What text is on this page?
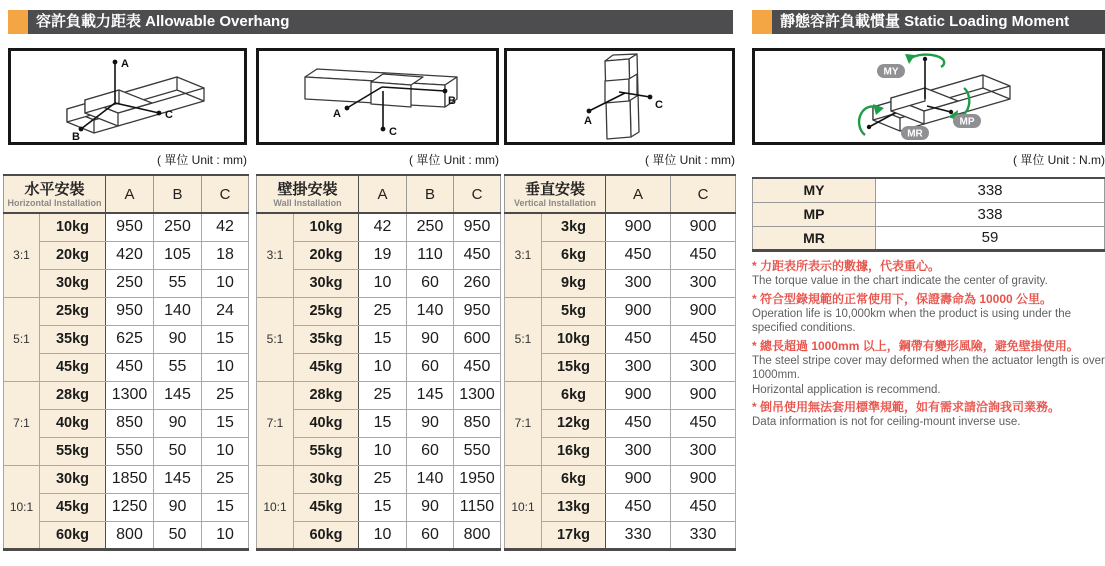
容許負載力距表 Allowable Overhang	靜態容許負載慣量 Static Loading Moment
A
C
B
A
C
B
A
C
MY
MP
MR
( 單位 Unit : mm)	( 單位 Unit : mm)	( 單位 Unit : mm)	( 單位 Unit : N.m)
水平安裝
Horizontal Installation		A	B	C
3:1	10kg	950	250	42
	20kg	420	105	18
	30kg	250	55	10
5:1	25kg	950	140	24
	35kg	625	90	15
	45kg	450	55	10
7:1	28kg	1300	145	25
	40kg	850	90	15
	55kg	550	50	10
10:1	30kg	1850	145	25
	45kg	1250	90	15
	60kg	800	50	10
壁掛安裝
Wall Installation		A	B	C
3:1	10kg	42	250	950
	20kg	19	110	450
	30kg	10	60	260
5:1	25kg	25	140	950
	35kg	15	90	600
	45kg	10	60	450
7:1	28kg	25	145	1300
	40kg	15	90	850
	55kg	10	60	550
10:1	30kg	25	140	1950
	45kg	15	90	1150
	60kg	10	60	800
垂直安裝
Vertical Installation		A	C
3:1	3kg	900	900
	6kg	450	450
	9kg	300	300
5:1	5kg	900	900
	10kg	450	450
	15kg	300	300
7:1	6kg	900	900
	12kg	450	450
	16kg	300	300
10:1	6kg	900	900
	13kg	450	450
	17kg	330	330
MY	338
MP	338
MR	59
* 力距表所表示的數據，代表重心。
The torque value in the chart indicate the center of gravity.
* 符合型錄規範的正常使用下，保證壽命為 10000 公里。
Operation life is 10,000km when the product is using under the specified conditions.
* 總長超過 1000mm 以上，鋼帶有變形風險，避免壁掛使用。
The steel stripe cover may deformed when the actuator length is over 1000mm.
Horizontal application is recommend.
* 倒吊使用無法套用標準規範，如有需求請洽詢我司業務。
Data information is not for ceiling-mount inverse use.
